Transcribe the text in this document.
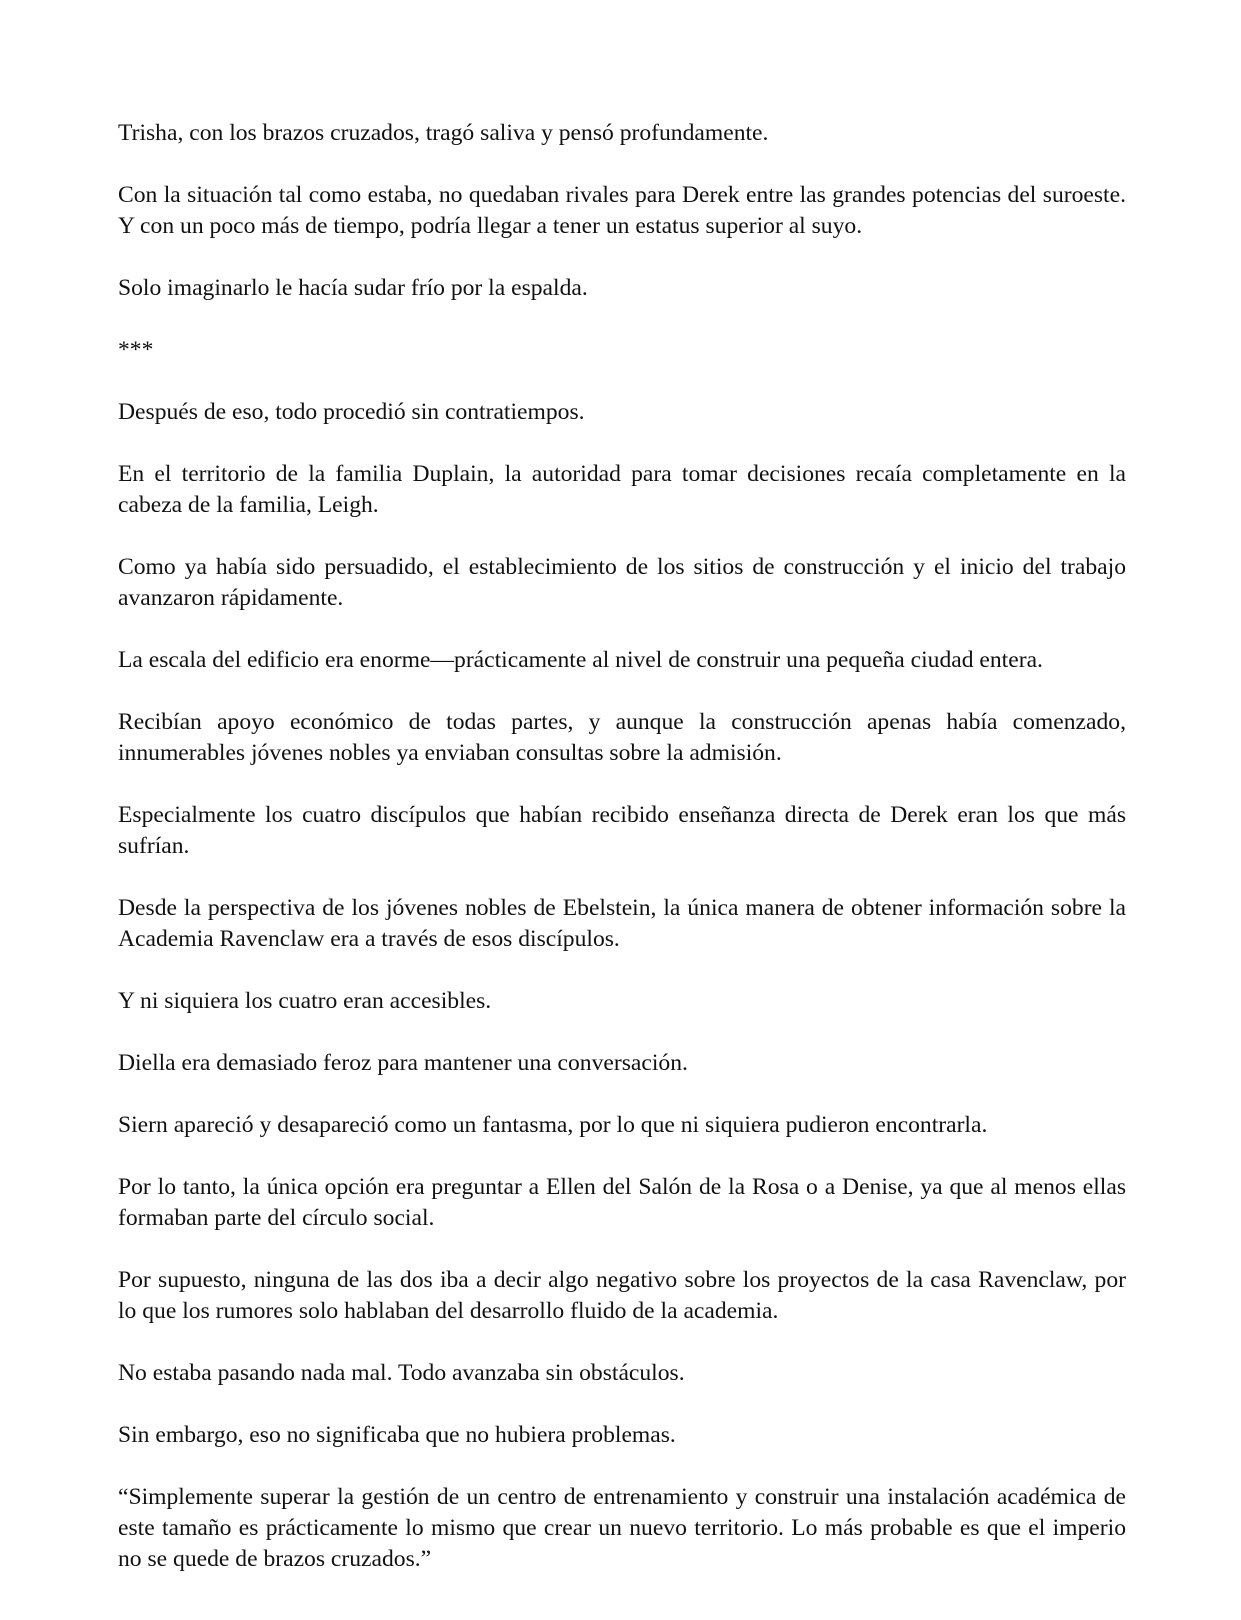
Trisha, con los brazos cruzados, tragó saliva y pensó profundamente.

Con la situación tal como estaba, no quedaban rivales para Derek entre las grandes potencias del suroeste. Y con un poco más de tiempo, podría llegar a tener un estatus superior al suyo.

Solo imaginarlo le hacía sudar frío por la espalda.

***

Después de eso, todo procedió sin contratiempos.

En el territorio de la familia Duplain, la autoridad para tomar decisiones recaía completamente en la cabeza de la familia, Leigh.

Como ya había sido persuadido, el establecimiento de los sitios de construcción y el inicio del trabajo avanzaron rápidamente.

La escala del edificio era enorme—prácticamente al nivel de construir una pequeña ciudad entera.

Recibían apoyo económico de todas partes, y aunque la construcción apenas había comenzado, innumerables jóvenes nobles ya enviaban consultas sobre la admisión.

Especialmente los cuatro discípulos que habían recibido enseñanza directa de Derek eran los que más sufrían.

Desde la perspectiva de los jóvenes nobles de Ebelstein, la única manera de obtener información sobre la Academia Ravenclaw era a través de esos discípulos.

Y ni siquiera los cuatro eran accesibles.

Diella era demasiado feroz para mantener una conversación.

Siern apareció y desapareció como un fantasma, por lo que ni siquiera pudieron encontrarla.

Por lo tanto, la única opción era preguntar a Ellen del Salón de la Rosa o a Denise, ya que al menos ellas formaban parte del círculo social.

Por supuesto, ninguna de las dos iba a decir algo negativo sobre los proyectos de la casa Ravenclaw, por lo que los rumores solo hablaban del desarrollo fluido de la academia.

No estaba pasando nada mal. Todo avanzaba sin obstáculos.

Sin embargo, eso no significaba que no hubiera problemas.

“Simplemente superar la gestión de un centro de entrenamiento y construir una instalación académica de este tamaño es prácticamente lo mismo que crear un nuevo territorio. Lo más probable es que el imperio no se quede de brazos cruzados.”
